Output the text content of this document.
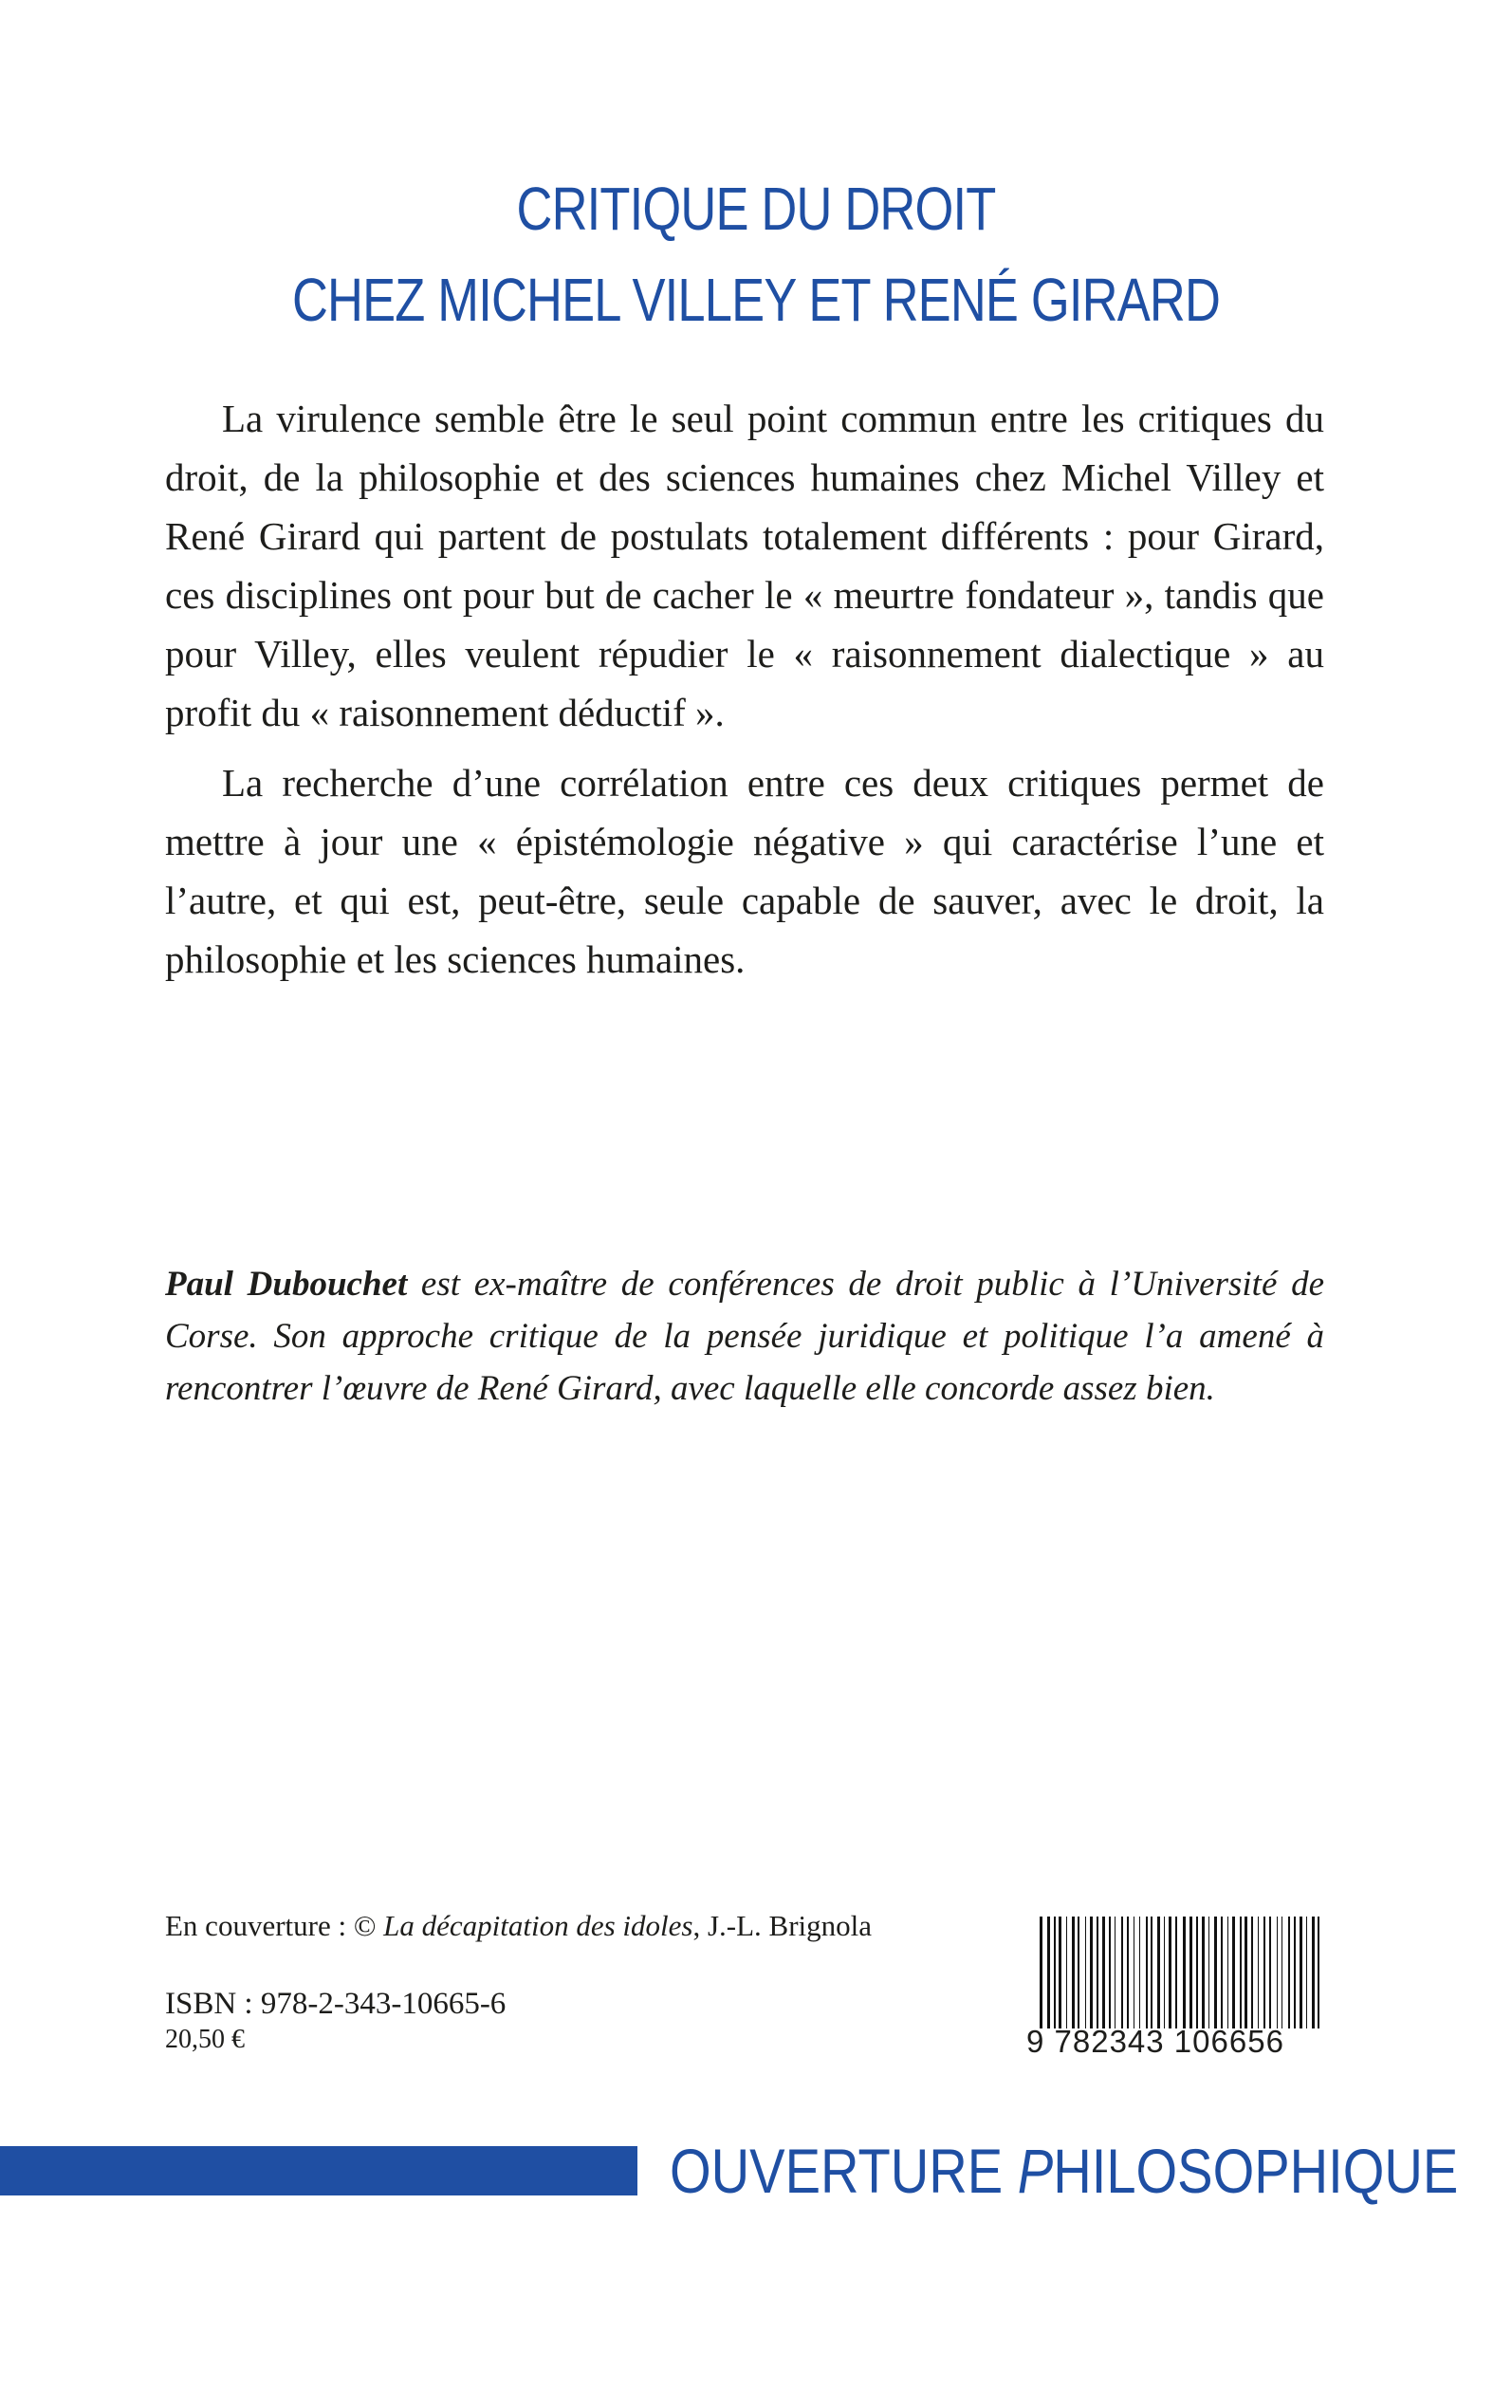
CRITIQUE DU DROIT
CHEZ MICHEL VILLEY ET RENÉ GIRARD

La virulence semble être le seul point commun entre les critiques du droit, de la philosophie et des sciences humaines chez Michel Villey et René Girard qui partent de postulats totalement différents : pour Girard, ces disciplines ont pour but de cacher le « meurtre fondateur », tandis que pour Villey, elles veulent répudier le « raisonnement dialectique » au profit du « raisonnement déductif ».

La recherche d’une corrélation entre ces deux critiques permet de mettre à jour une « épistémologie négative » qui caractérise l’une et l’autre, et qui est, peut-être, seule capable de sauver, avec le droit, la philosophie et les sciences humaines.

Paul Dubouchet est ex-maître de conférences de droit public à l’Université de Corse. Son approche critique de la pensée juridique et politique l’a amené à rencontrer l’œuvre de René Girard, avec laquelle elle concorde assez bien.
En couverture : © La décapitation des idoles, J.-L. Brignola
ISBN : 978-2-343-10665-6
20,50 €	9 782343 106656
OUVERTURE PHILOSOPHIQUE
